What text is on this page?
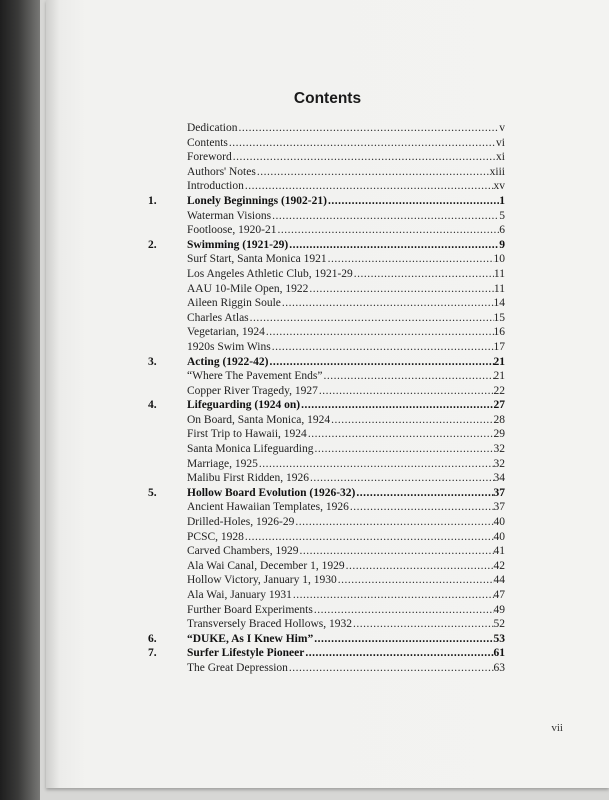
Contents
Dedication .....	v
Contents .....	vi
Foreword .....	xi
Authors' Notes .....	xiii
Introduction .....	xv
1.	Lonely Beginnings (1902-21) .....	1
Waterman Visions .....	5
Footloose, 1920-21 .....	6
2.	Swimming (1921-29) .....	9
Surf Start, Santa Monica 1921 .....	10
Los Angeles Athletic Club, 1921-29 .....	11
AAU 10-Mile Open, 1922 .....	11
Aileen Riggin Soule .....	14
Charles Atlas .....	15
Vegetarian, 1924 .....	16
1920s Swim Wins .....	17
3.	Acting (1922-42) .....	21
“Where The Pavement Ends” .....	21
Copper River Tragedy, 1927 .....	22
4.	Lifeguarding (1924 on) .....	27
On Board, Santa Monica, 1924 .....	28
First Trip to Hawaii, 1924 .....	29
Santa Monica Lifeguarding .....	32
Marriage, 1925 .....	32
Malibu First Ridden, 1926 .....	34
5.	Hollow Board Evolution (1926-32) .....	37
Ancient Hawaiian Templates, 1926 .....	37
Drilled-Holes, 1926-29 .....	40
PCSC, 1928 .....	40
Carved Chambers, 1929 .....	41
Ala Wai Canal, December 1, 1929 .....	42
Hollow Victory, January 1, 1930 .....	44
Ala Wai, January 1931 .....	47
Further Board Experiments .....	49
Transversely Braced Hollows, 1932 .....	52
6.	“DUKE, As I Knew Him” .....	53
7.	Surfer Lifestyle Pioneer .....	61
The Great Depression .....	63
vii
